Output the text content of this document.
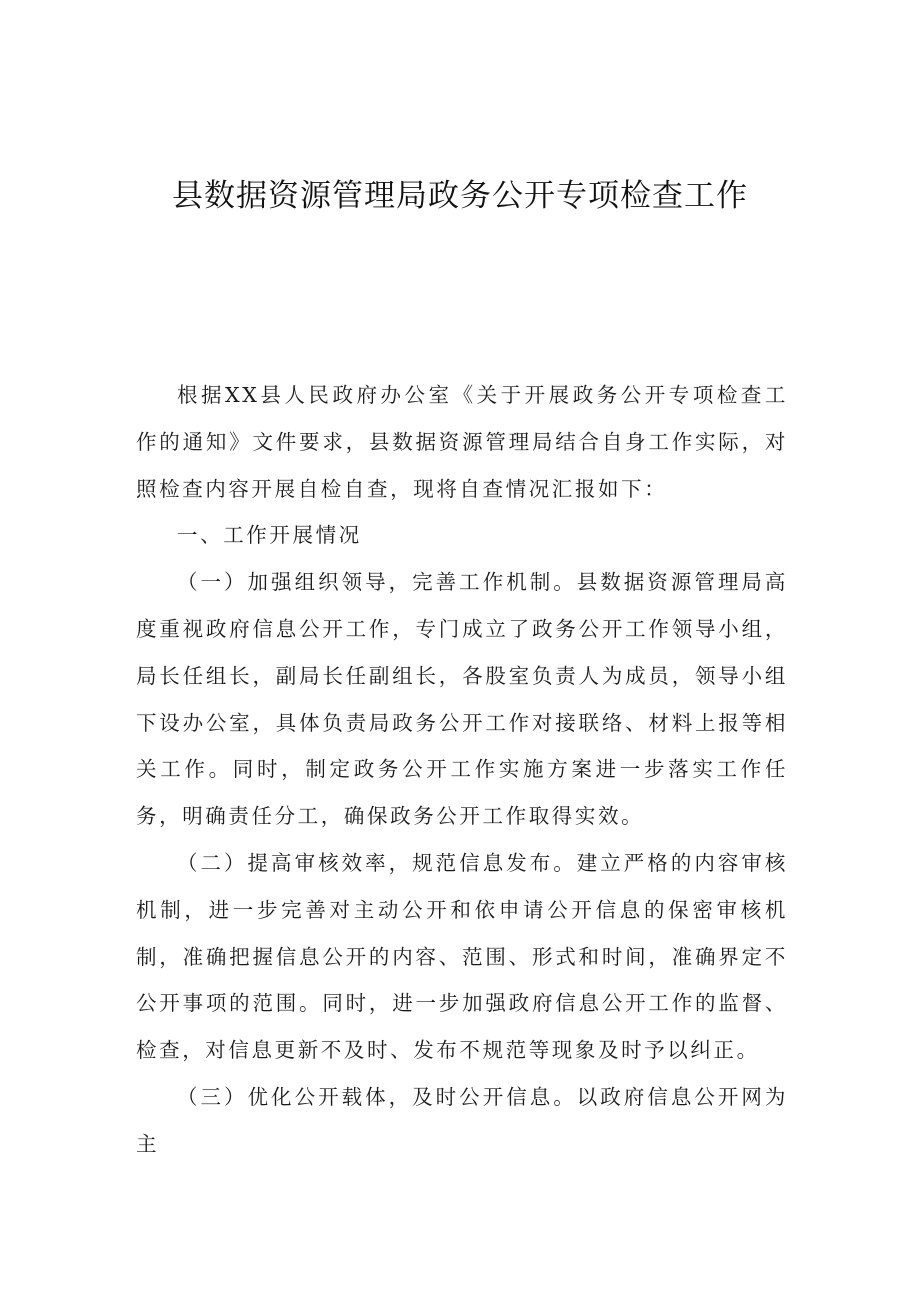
县数据资源管理局政务公开专项检查工作

根据XX县人民政府办公室《关于开展政务公开专项检查工作的通知》文件要求，县数据资源管理局结合自身工作实际，对照检查内容开展自检自查，现将自查情况汇报如下：

一、工作开展情况

（一）加强组织领导，完善工作机制。县数据资源管理局高度重视政府信息公开工作，专门成立了政务公开工作领导小组，局长任组长，副局长任副组长，各股室负责人为成员，领导小组下设办公室，具体负责局政务公开工作对接联络、材料上报等相关工作。同时，制定政务公开工作实施方案进一步落实工作任务，明确责任分工，确保政务公开工作取得实效。

（二）提高审核效率，规范信息发布。建立严格的内容审核机制，进一步完善对主动公开和依申请公开信息的保密审核机制，准确把握信息公开的内容、范围、形式和时间，准确界定不公开事项的范围。同时，进一步加强政府信息公开工作的监督、检查，对信息更新不及时、发布不规范等现象及时予以纠正。

（三）优化公开载体，及时公开信息。以政府信息公开网为主
